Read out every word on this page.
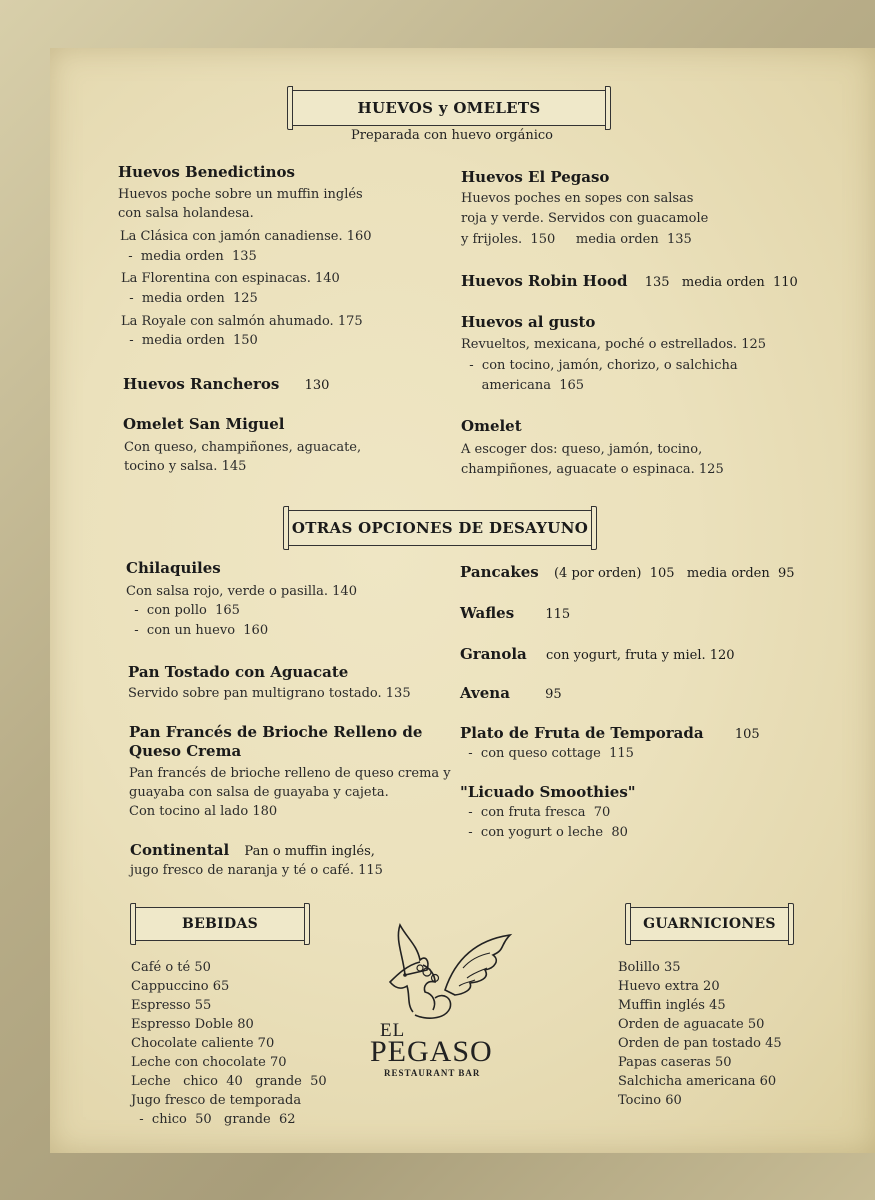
HUEVOS y OMELETS
Preparada con huevo orgánico
Huevos Benedictinos
Huevos poche sobre un muffin inglés
con salsa holandesa.
La Clásica con jamón canadiense. 160
-  media orden  135
La Florentina con espinacas. 140
-  media orden  125
La Royale con salmón ahumado. 175
-  media orden  150
Huevos Rancheros 130
Omelet San Miguel
Con queso, champiñones, aguacate,
tocino y salsa. 145
Huevos El Pegaso
Huevos poches en sopes con salsas
roja y verde. Servidos con guacamole
y frijoles.  150     media orden  135
Huevos Robin Hood 135   media orden  110
Huevos al gusto
Revueltos, mexicana, poché o estrellados. 125
-  con tocino, jamón, chorizo, o salchicha
americana  165
Omelet
A escoger dos: queso, jamón, tocino,
champiñones, aguacate o espinaca. 125
OTRAS OPCIONES DE DESAYUNO
Chilaquiles
Con salsa rojo, verde o pasilla. 140
-  con pollo  165
-  con un huevo  160
Pan Tostado con Aguacate
Servido sobre pan multigrano tostado. 135
Pan Francés de Brioche Relleno de
Queso Crema
Pan francés de brioche relleno de queso crema y
guayaba con salsa de guayaba y cajeta.
Con tocino al lado 180
Continental Pan o muffin inglés,
jugo fresco de naranja y té o café. 115
Pancakes (4 por orden)  105   media orden  95
Wafles 115
Granola con yogurt, fruta y miel. 120
Avena	95
Plato de Fruta de Temporada 105
-  con queso cottage  115
"Licuado Smoothies"
-  con fruta fresca  70
-  con yogurt o leche  80
BEBIDAS
Café o té 50
Cappuccino 65
Espresso 55
Espresso Doble 80
Chocolate caliente 70
Leche con chocolate 70
Leche   chico  40   grande  50
Jugo fresco de temporada
-  chico  50   grande  62
GUARNICIONES
Bolillo 35
Huevo extra 20
Muffin inglés 45
Orden de aguacate 50
Orden de pan tostado 45
Papas caseras 50
Salchicha americana 60
Tocino 60
EL
PEGASO
RESTAURANT BAR
